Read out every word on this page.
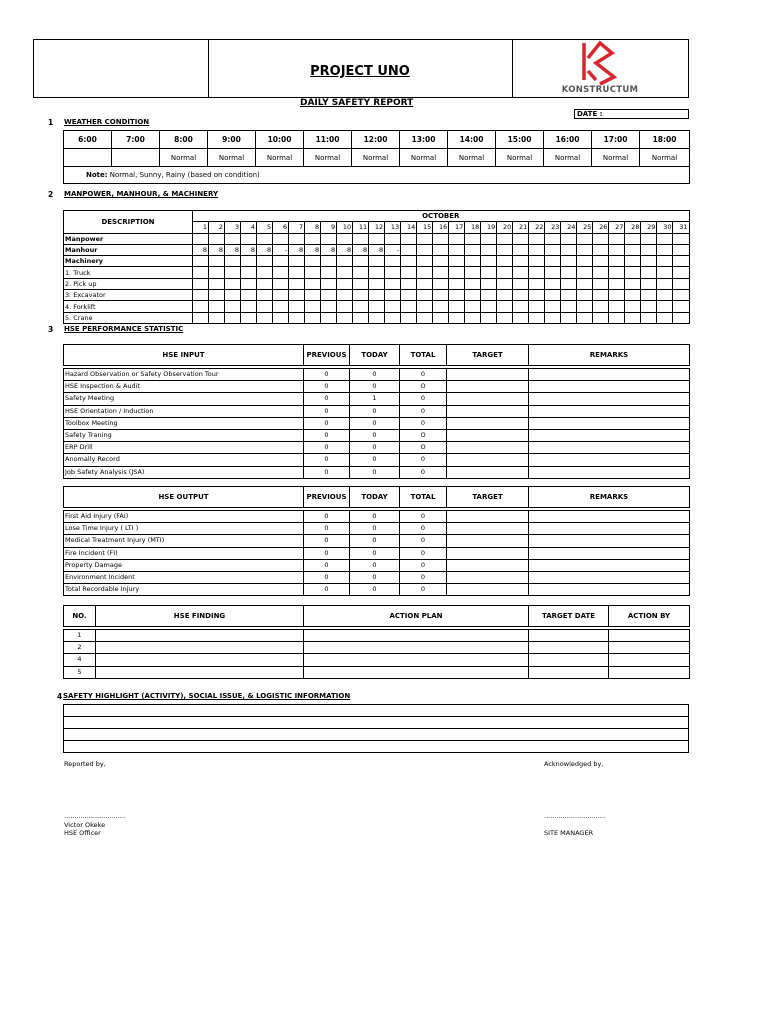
PROJECT UNO
KONSTRUCTUM
DAILY SAFETY REPORT
DATE :
1 WEATHER CONDITION
6:00	7:00	8:00	9:00	10:00	11:00	12:00	13:00	14:00	15:00	16:00	17:00	18:00
		Normal	Normal	Normal	Normal	Normal	Normal	Normal	Normal	Normal	Normal	Normal
Note: Normal, Sunny, Rainy (based on condition)												
2 MANPOWER, MANHOUR, & MACHINERY
DESCRIPTION	OCTOBER																														
	1	2	3	4	5	6	7	8	9	10	11	12	13	14	15	16	17	18	19	20	21	22	23	24	25	26	27	28	29	30	31
Manpower																															
Manhour	8	8	8	8	8	-	8	8	8	8	8	8	-																		
Machinery																															
1. Truck																															
2. Pick up																															
3. Excavator																															
4. Forklift																															
5. Crane																															
3 HSE PERFORMANCE STATISTIC
HSE INPUT	PREVIOUS	TODAY	TOTAL	TARGET	REMARKS

Hazard Observation or Safety Observation Tour	0	0	0		
HSE Inspection & Audit	0	0	O		
Safety Meeting	0	1	0		
HSE Orientation / Induction	0	0	0		
Toolbox Meeting	0	0	0		
Safety Traning	0	0	O		
ERP Drill	0	0	O		
Anomally Record	0	0	0		
Job Safety Analysis (JSA)	0	0	0		
HSE OUTPUT	PREVIOUS	TODAY	TOTAL	TARGET	REMARKS

First Aid Injury (FAI)	0	0	0		
Lose Time Injury ( LTI )	0	0	0		
Medical Treatment Injury (MTI)	0	0	0		
Fire Incident (FI)	0	0	0		
Property Damage	0	0	0		
Environment Incident	0	0	0		
Total Recordable Injury	0	0	0		
NO.	HSE FINDING	ACTION PLAN	TARGET DATE	ACTION BY

1				
2				
4				
5				
4 SAFETY HIGHLIGHT (ACTIVITY), SOCIAL ISSUE, & LOGISTIC INFORMATION

Reported by,	Acknowledged by,
..............................	..............................
Victor Okeke
HSE Officer	SITE MANAGER
